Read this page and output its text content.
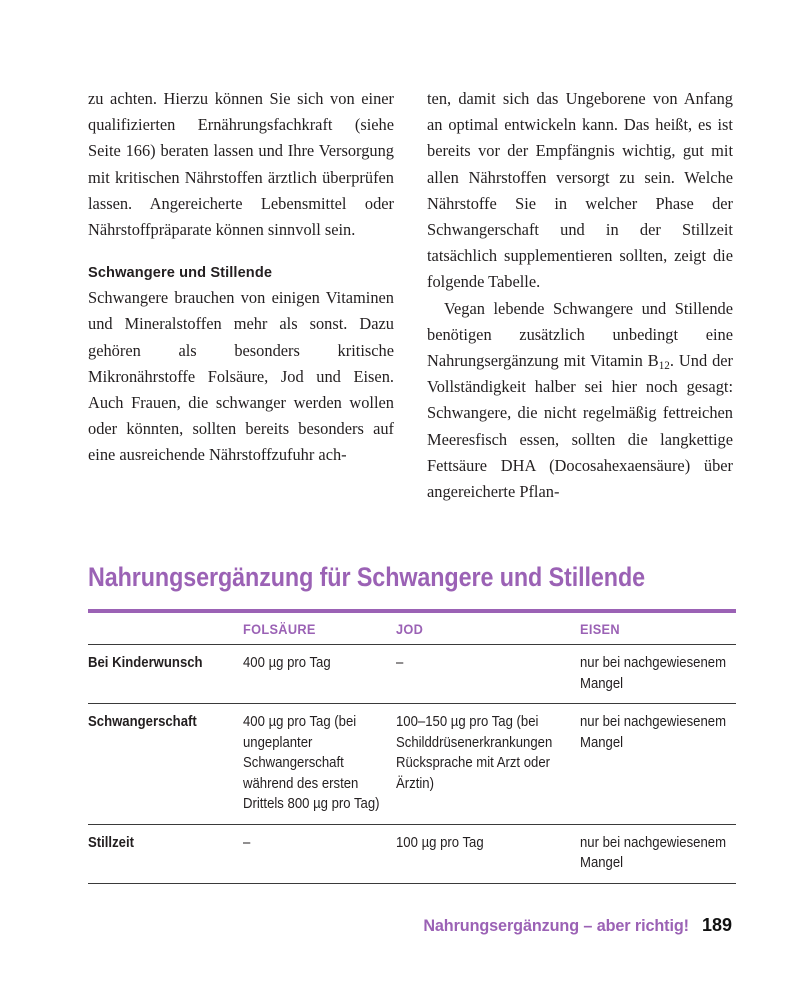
zu achten. Hierzu können Sie sich von einer qualifizierten Ernährungsfachkraft (siehe Seite 166) beraten lassen und Ihre Versorgung mit kritischen Nährstoffen ärztlich überprüfen lassen. Angereicherte Lebensmittel oder Nährstoffpräparate können sinnvoll sein.

Schwangere und Stillende

Schwangere brauchen von einigen Vitaminen und Mineralstoffen mehr als sonst. Dazu gehören als besonders kritische Mikronährstoffe Folsäure, Jod und Eisen. Auch Frauen, die schwanger werden wollen oder könnten, sollten bereits besonders auf eine ausreichende Nährstoffzufuhr ach-

ten, damit sich das Ungeborene von Anfang an optimal entwickeln kann. Das heißt, es ist bereits vor der Empfängnis wichtig, gut mit allen Nährstoffen versorgt zu sein. Welche Nährstoffe Sie in welcher Phase der Schwangerschaft und in der Stillzeit tatsächlich supplementieren sollten, zeigt die folgende Tabelle.

Vegan lebende Schwangere und Stillende benötigen zusätzlich unbedingt eine Nahrungsergänzung mit Vitamin $B_{12}$. Und der Vollständigkeit halber sei hier noch gesagt: Schwangere, die nicht regelmäßig fettreichen Meeresfisch essen, sollten die langkettige Fettsäure DHA (Docosahexaensäure) über angereicherte Pflan-

Nahrungsergänzung für Schwangere und Stillende
	FOLSÄURE	JOD	EISEN

Bei Kinderwunsch	400 µg pro Tag	–	nur bei nachgewiesenem Mangel

Schwangerschaft	400 µg pro Tag (bei ungeplanter Schwangerschaft während des ersten Drittels 800 µg pro Tag)	100–150 µg pro Tag (bei Schilddrüsenerkrankungen Rücksprache mit Arzt oder Ärztin)	nur bei nachgewiesenem Mangel

Stillzeit	–	100 µg pro Tag	nur bei nachgewiesenem Mangel
Nahrungsergänzung – aber richtig! 189
